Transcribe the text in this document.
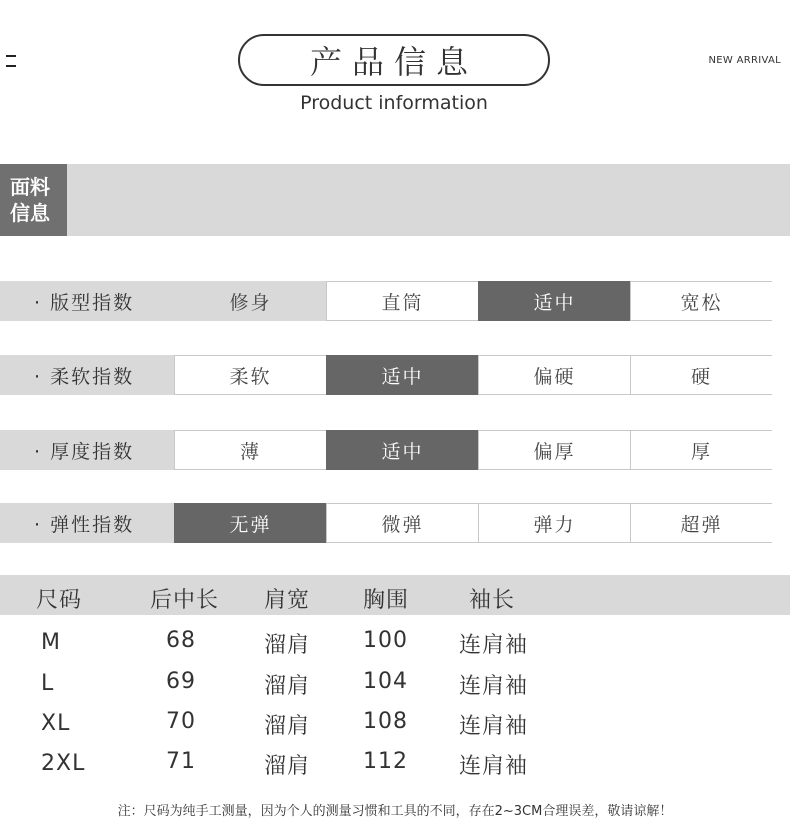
产品信息
Product information
NEW ARRIVAL
面料
信息
· 版型指数	修身	直筒	适中	宽松
· 柔软指数	柔软	适中	偏硬	硬
· 厚度指数	薄	适中	偏厚	厚
· 弹性指数	无弹	微弹	弹力	超弹
尺码	后中长 肩宽 胸围	袖长
M	68	溜肩 100 连肩袖
L	69	溜肩 104 连肩袖
XL	70	溜肩 108 连肩袖
2XL	71	溜肩 112 连肩袖
注：尺码为纯手工测量，因为个人的测量习惯和工具的不同，存在2~3CM合理误差，敬请谅解！
